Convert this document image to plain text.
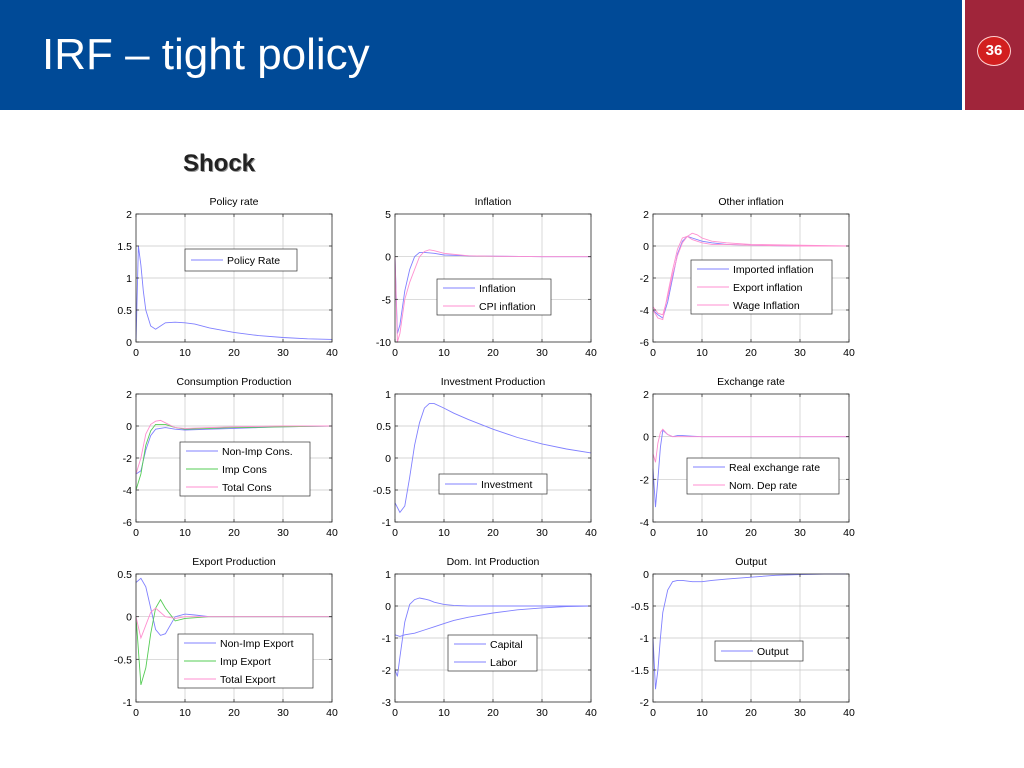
IRF – tight policy	36
Shock
0	10	20	30	40
0
0.5
1
1.5
2
Policy rate
Policy Rate
0	10	20	30	40
-10
-5
0
5
Inflation
Inflation
CPI inflation
0	10	20	30	40
-6
-4
-2
0
2
Other inflation
Imported inflation
Export inflation
Wage Inflation
0	10	20	30	40
-6
-4
-2
0
2
Consumption Production
Non-Imp Cons.
Imp Cons
Total Cons
0	10	20	30	40
-1
-0.5
0
0.5
1
Investment Production
Investment
0	10	20	30	40
-4
-2
0
2
Exchange rate
Real exchange rate
Nom. Dep rate
0	10	20	30	40
-1
-0.5
0
0.5
Export Production
Non-Imp Export
Imp Export
Total Export
0	10	20	30	40
-3
-2
-1
0
1
Dom. Int Production
Capital
Labor
0	10	20	30	40
-2
-1.5
-1
-0.5
0
Output
Output
